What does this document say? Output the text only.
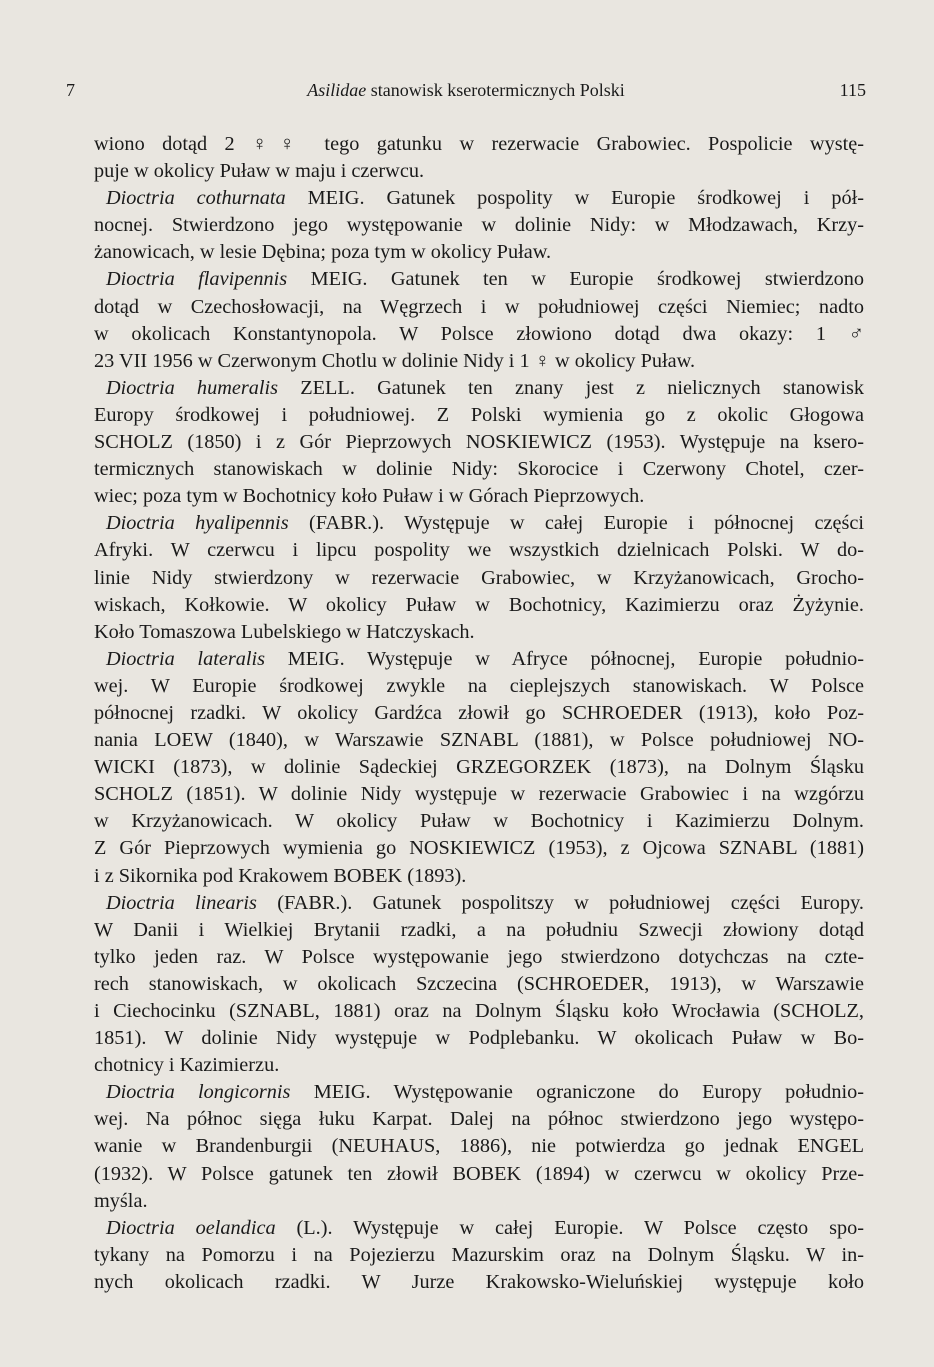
7	Asilidae stanowisk kserotermicznych Polski	115
wiono dotąd 2 ♀♀ tego gatunku w rezerwacie Grabowiec. Pospolicie wystę-
puje w okolicy Puław w maju i czerwcu.
Dioctria cothurnata MEIG. Gatunek pospolity w Europie środkowej i pół-
nocnej. Stwierdzono jego występowanie w dolinie Nidy: w Młodzawach, Krzy-
żanowicach, w lesie Dębina; poza tym w okolicy Puław.
Dioctria flavipennis MEIG. Gatunek ten w Europie środkowej stwierdzono
dotąd w Czechosłowacji, na Węgrzech i w południowej części Niemiec; nadto
w okolicach Konstantynopola. W Polsce złowiono dotąd dwa okazy: 1 ♂
23 VII 1956 w Czerwonym Chotlu w dolinie Nidy i 1 ♀ w okolicy Puław.
Dioctria humeralis ZELL. Gatunek ten znany jest z nielicznych stanowisk
Europy środkowej i południowej. Z Polski wymienia go z okolic Głogowa
SCHOLZ (1850) i z Gór Pieprzowych NOSKIEWICZ (1953). Występuje na ksero-
termicznych stanowiskach w dolinie Nidy: Skorocice i Czerwony Chotel, czer-
wiec; poza tym w Bochotnicy koło Puław i w Górach Pieprzowych.
Dioctria hyalipennis (FABR.). Występuje w całej Europie i północnej części
Afryki. W czerwcu i lipcu pospolity we wszystkich dzielnicach Polski. W do-
linie Nidy stwierdzony w rezerwacie Grabowiec, w Krzyżanowicach, Grocho-
wiskach, Kołkowie. W okolicy Puław w Bochotnicy, Kazimierzu oraz Żyżynie.
Koło Tomaszowa Lubelskiego w Hatczyskach.
Dioctria lateralis MEIG. Występuje w Afryce północnej, Europie południo-
wej. W Europie środkowej zwykle na cieplejszych stanowiskach. W Polsce
północnej rzadki. W okolicy Gardźca złowił go SCHROEDER (1913), koło Poz-
nania LOEW (1840), w Warszawie SZNABL (1881), w Polsce południowej NO-
WICKI (1873), w dolinie Sądeckiej GRZEGORZEK (1873), na Dolnym Śląsku
SCHOLZ (1851). W dolinie Nidy występuje w rezerwacie Grabowiec i na wzgórzu
w Krzyżanowicach. W okolicy Puław w Bochotnicy i Kazimierzu Dolnym.
Z Gór Pieprzowych wymienia go NOSKIEWICZ (1953), z Ojcowa SZNABL (1881)
i z Sikornika pod Krakowem BOBEK (1893).
Dioctria linearis (FABR.). Gatunek pospolitszy w południowej części Europy.
W Danii i Wielkiej Brytanii rzadki, a na południu Szwecji złowiony dotąd
tylko jeden raz. W Polsce występowanie jego stwierdzono dotychczas na czte-
rech stanowiskach, w okolicach Szczecina (SCHROEDER, 1913), w Warszawie
i Ciechocinku (SZNABL, 1881) oraz na Dolnym Śląsku koło Wrocławia (SCHOLZ,
1851). W dolinie Nidy występuje w Podplebanku. W okolicach Puław w Bo-
chotnicy i Kazimierzu.
Dioctria longicornis MEIG. Występowanie ograniczone do Europy południo-
wej. Na północ sięga łuku Karpat. Dalej na północ stwierdzono jego występo-
wanie w Brandenburgii (NEUHAUS, 1886), nie potwierdza go jednak ENGEL
(1932). W Polsce gatunek ten złowił BOBEK (1894) w czerwcu w okolicy Prze-
myśla.
Dioctria oelandica (L.). Występuje w całej Europie. W Polsce często spo-
tykany na Pomorzu i na Pojezierzu Mazurskim oraz na Dolnym Śląsku. W in-
nych okolicach rzadki. W Jurze Krakowsko-Wieluńskiej występuje koło
